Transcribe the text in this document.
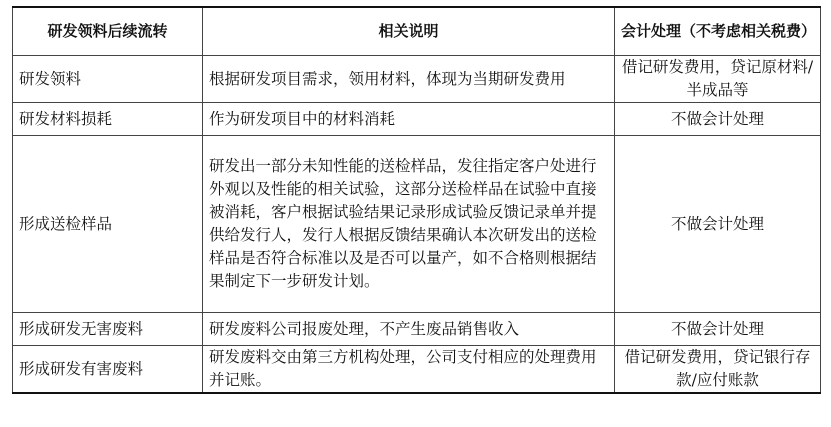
研发领料后续流转	相关说明	会计处理（不考虑相关税费）
研发领料	根据研发项目需求，领用材料，体现为当期研发费用	借记研发费用，贷记原材料/半成品等
研发材料损耗	作为研发项目中的材料消耗	不做会计处理
形成送检样品	研发出一部分未知性能的送检样品，发往指定客户处进行外观以及性能的相关试验，这部分送检样品在试验中直接被消耗，客户根据试验结果记录形成试验反馈记录单并提供给发行人，发行人根据反馈结果确认本次研发出的送检样品是否符合标准以及是否可以量产，如不合格则根据结果制定下一步研发计划。	不做会计处理
形成研发无害废料	研发废料公司报废处理，不产生废品销售收入	不做会计处理
形成研发有害废料	研发废料交由第三方机构处理，公司支付相应的处理费用并记账。	借记研发费用，贷记银行存款/应付账款
